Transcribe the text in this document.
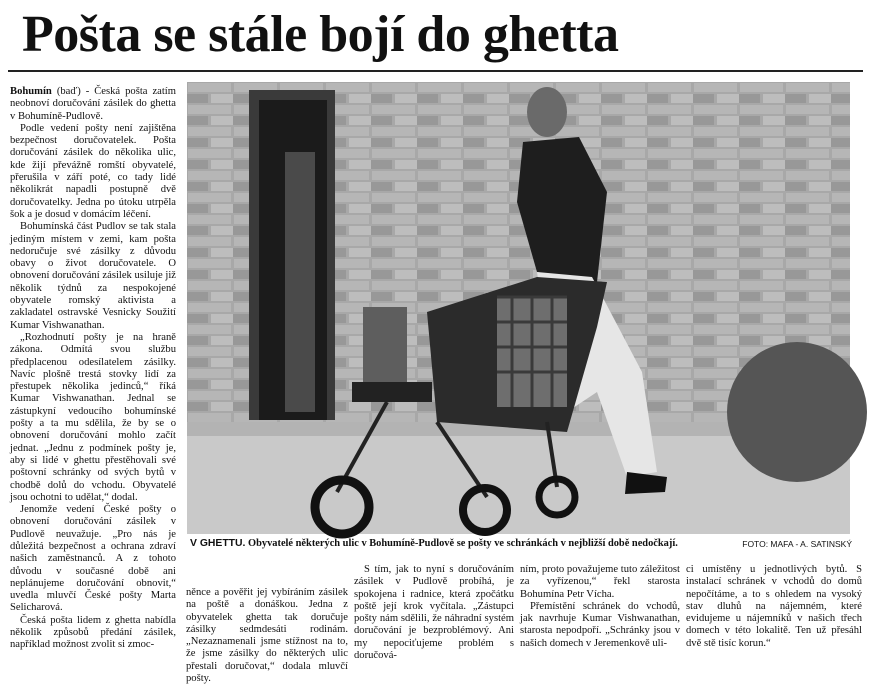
Pošta se stále bojí do ghetta

Bohumín (baď) - Česká pošta zatím neobnoví doručování zásilek do ghetta v Bohumíně-Pudlově.

Podle vedení pošty není zajištěna bezpečnost doručovatelek. Pošta doručování zásilek do několika ulic, kde žijí převážně romští obyvatelé, přerušila v září poté, co tady lidé několikrát napadli postupně dvě doručovatelky. Jedna po útoku utrpěla šok a je dosud v domácím léčení.

Bohumínská část Pudlov se tak stala jediným místem v zemi, kam pošta nedoručuje své zásilky z důvodu obavy o život doručovatele. O obnovení doručování zásilek usiluje již několik týdnů za nespokojené obyvatele romský aktivista a zakladatel ostravské Vesnicky Soužití Kumar Vishwanathan.

„Rozhodnutí pošty je na hraně zákona. Odmítá svou službu předplacenou odesílatelem zásilky. Navíc plošně trestá stovky lidí za přestupek několika jedinců,“ říká Kumar Vishwanathan. Jednal se zástupkyní vedoucího bohumínské pošty a ta mu sdělila, že by se o obnovení doručování mohlo začít jednat. „Jednu z podmínek pošty je, aby si lidé v ghettu přestěhovali své poštovní schránky od svých bytů v chodbě dolů do vchodu. Obyvatelé jsou ochotni to udělat,“ dodal.

Jenomže vedení České pošty o obnovení doručování zásilek v Pudlově neuvažuje. „Pro nás je důležitá bezpečnost a ochrana zdraví našich zaměstnanců. A z tohoto důvodu v současné době ani neplánujeme doručování obnovit,“ uvedla mluvčí České pošty Marta Selicharová.

Česká pošta lidem z ghetta nabídla několik způsobů předání zásilek, například možnost zvolit si zmoc-

V GHETTU. Obyvatelé některých ulic v Bohumíně-Pudlově se pošty ve schránkách v nejbližší době nedočkají.	FOTO: MAFA - A. SATINSKÝ

něnce a pověřit jej vybíráním zásilek na poště a donáškou. Jedna z obyvatelek ghetta tak doručuje zásilky sedmdesáti rodinám. „Nezaznamenali jsme stížnost na to, že jsme zásilky do některých ulic přestali doručovat,“ dodala mluvčí pošty.

S tím, jak to nyní s doručováním zásilek v Pudlově probíhá, je spokojena i radnice, která zpočátku poště její krok vyčítala. „Zástupci pošty nám sdělili, že náhradní systém doručování je bezproblémový. Ani my nepociťujeme problém s doručová-

ním, proto považujeme tuto záležitost za vyřízenou,“ řekl starosta Bohumína Petr Vícha.

Přemístění schránek do vchodů, jak navrhuje Kumar Vishwanathan, starosta nepodpoří. „Schránky jsou v našich domech v Jeremenkově uli-

ci umístěny u jednotlivých bytů. S instalací schránek v vchodů do domů nepočítáme, a to s ohledem na vysoký stav dluhů na nájemném, které evidujeme u nájemníků v našich třech domech v této lokalitě. Ten už přesáhl dvě stě tisíc korun.“
